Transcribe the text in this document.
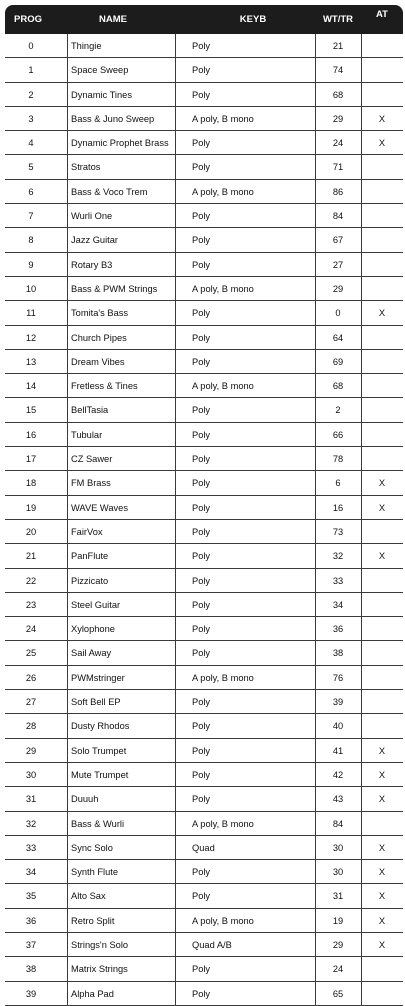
PROG	NAME	KEYB	WT/TR	AT
0	Thingie	Poly	21
1	Space Sweep	Poly	74
2	Dynamic Tines	Poly	68
3	Bass & Juno Sweep	A poly, B mono	29	X
4	Dynamic Prophet Brass	Poly	24	X
5	Stratos	Poly	71
6	Bass & Voco Trem	A poly, B mono	86
7	Wurli One	Poly	84
8	Jazz Guitar	Poly	67
9	Rotary B3	Poly	27
10	Bass & PWM Strings	A poly, B mono	29
11	Tomita's Bass	Poly	0	X
12	Church Pipes	Poly	64
13	Dream Vibes	Poly	69
14	Fretless & Tines	A poly, B mono	68
15	BellTasia	Poly	2
16	Tubular	Poly	66
17	CZ Sawer	Poly	78
18	FM Brass	Poly	6	X
19	WAVE Waves	Poly	16	X
20	FairVox	Poly	73
21	PanFlute	Poly	32	X
22	Pizzicato	Poly	33
23	Steel Guitar	Poly	34
24	Xylophone	Poly	36
25	Sail Away	Poly	38
26	PWMstringer	A poly, B mono	76
27	Soft Bell EP	Poly	39
28	Dusty Rhodos	Poly	40
29	Solo Trumpet	Poly	41	X
30	Mute Trumpet	Poly	42	X
31	Duuuh	Poly	43	X
32	Bass & Wurli	A poly, B mono	84
33	Sync Solo	Quad	30	X
34	Synth Flute	Poly	30	X
35	Alto Sax	Poly	31	X
36	Retro Split	A poly, B mono	19	X
37	Strings'n Solo	Quad A/B	29	X
38	Matrix Strings	Poly	24
39	Alpha Pad	Poly	65
